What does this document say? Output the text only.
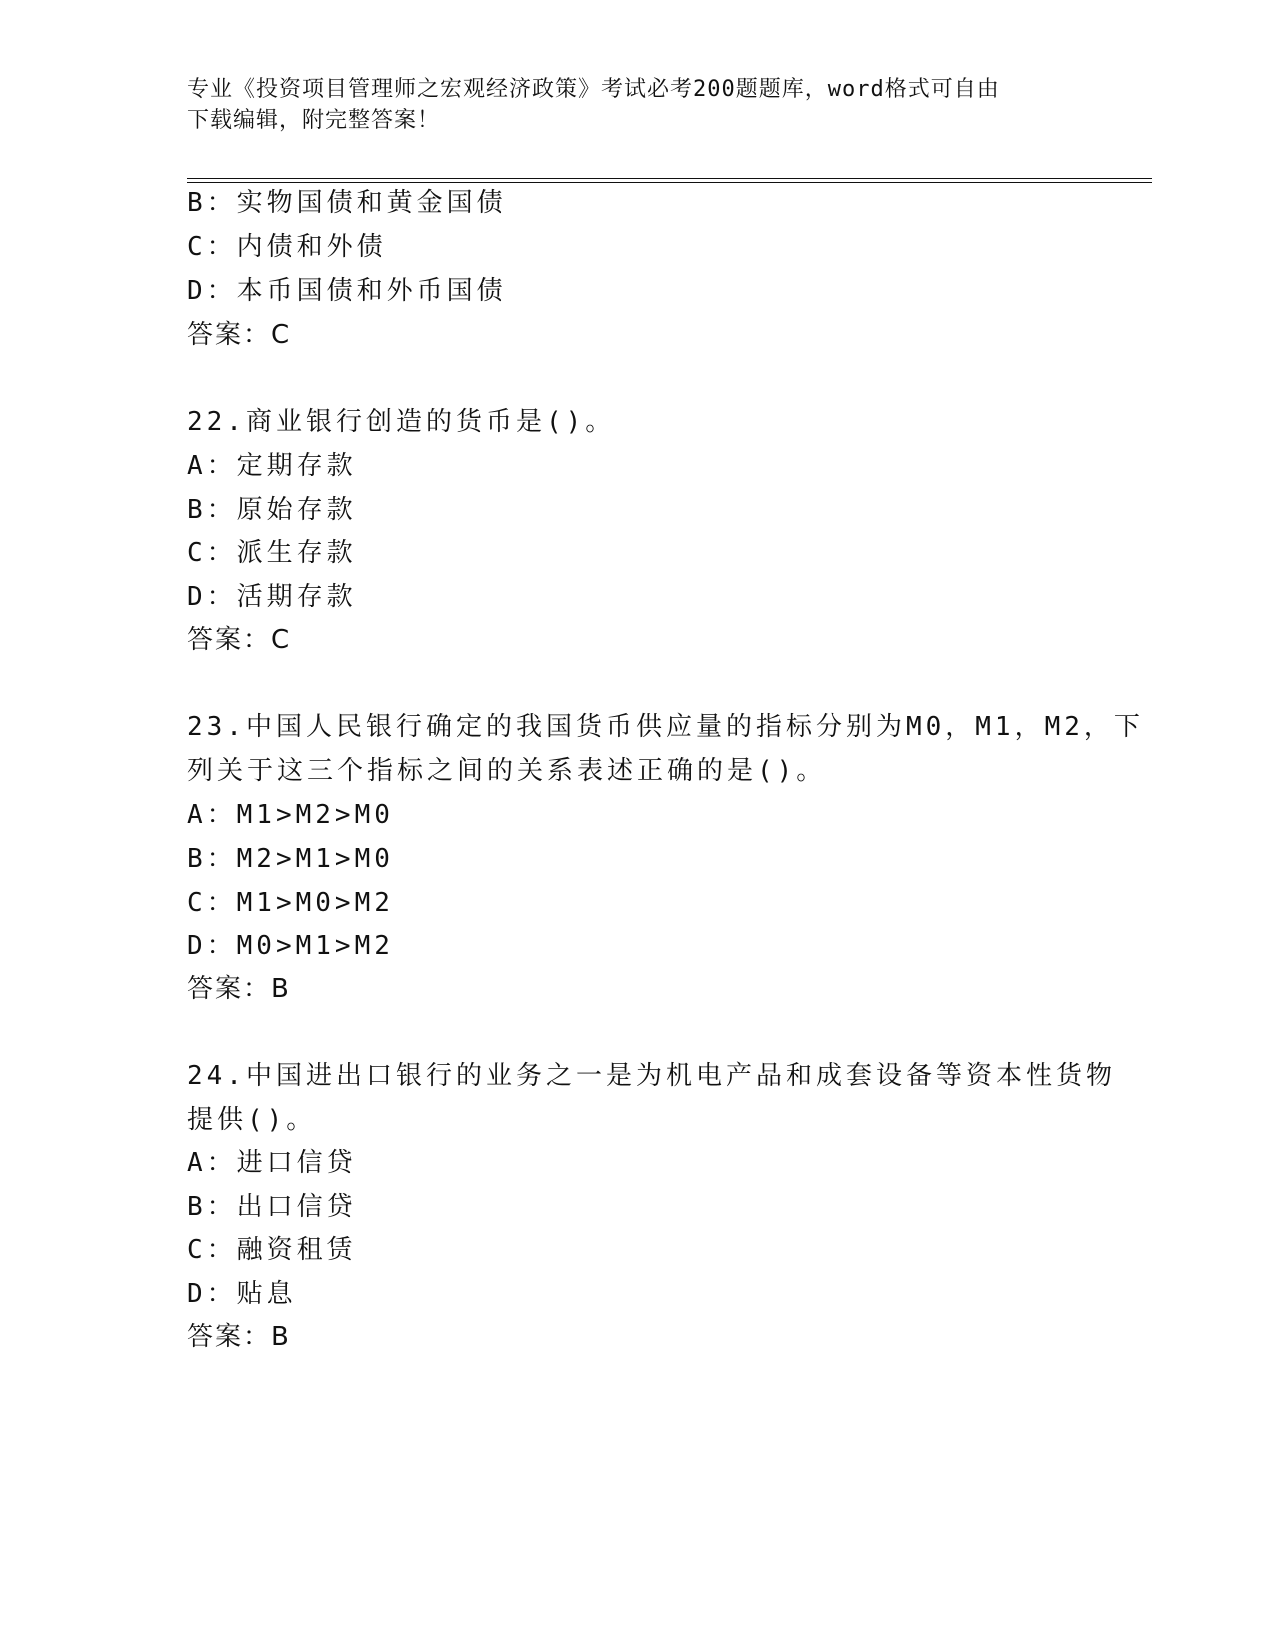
专业《投资项目管理师之宏观经济政策》考试必考200题题库，word格式可自由
下载编辑，附完整答案！
B：实物国债和黄金国债
C：内债和外债
D：本币国债和外币国债
答案：C
22.商业银行创造的货币是()。
A：定期存款
B：原始存款
C：派生存款
D：活期存款
答案：C
23.中国人民银行确定的我国货币供应量的指标分别为M0，M1，M2，下
列关于这三个指标之间的关系表述正确的是()。
A：M1>M2>M0
B：M2>M1>M0
C：M1>M0>M2
D：M0>M1>M2
答案：B
24.中国进出口银行的业务之一是为机电产品和成套设备等资本性货物
提供()。
A：进口信贷
B：出口信贷
C：融资租赁
D：贴息
答案：B
